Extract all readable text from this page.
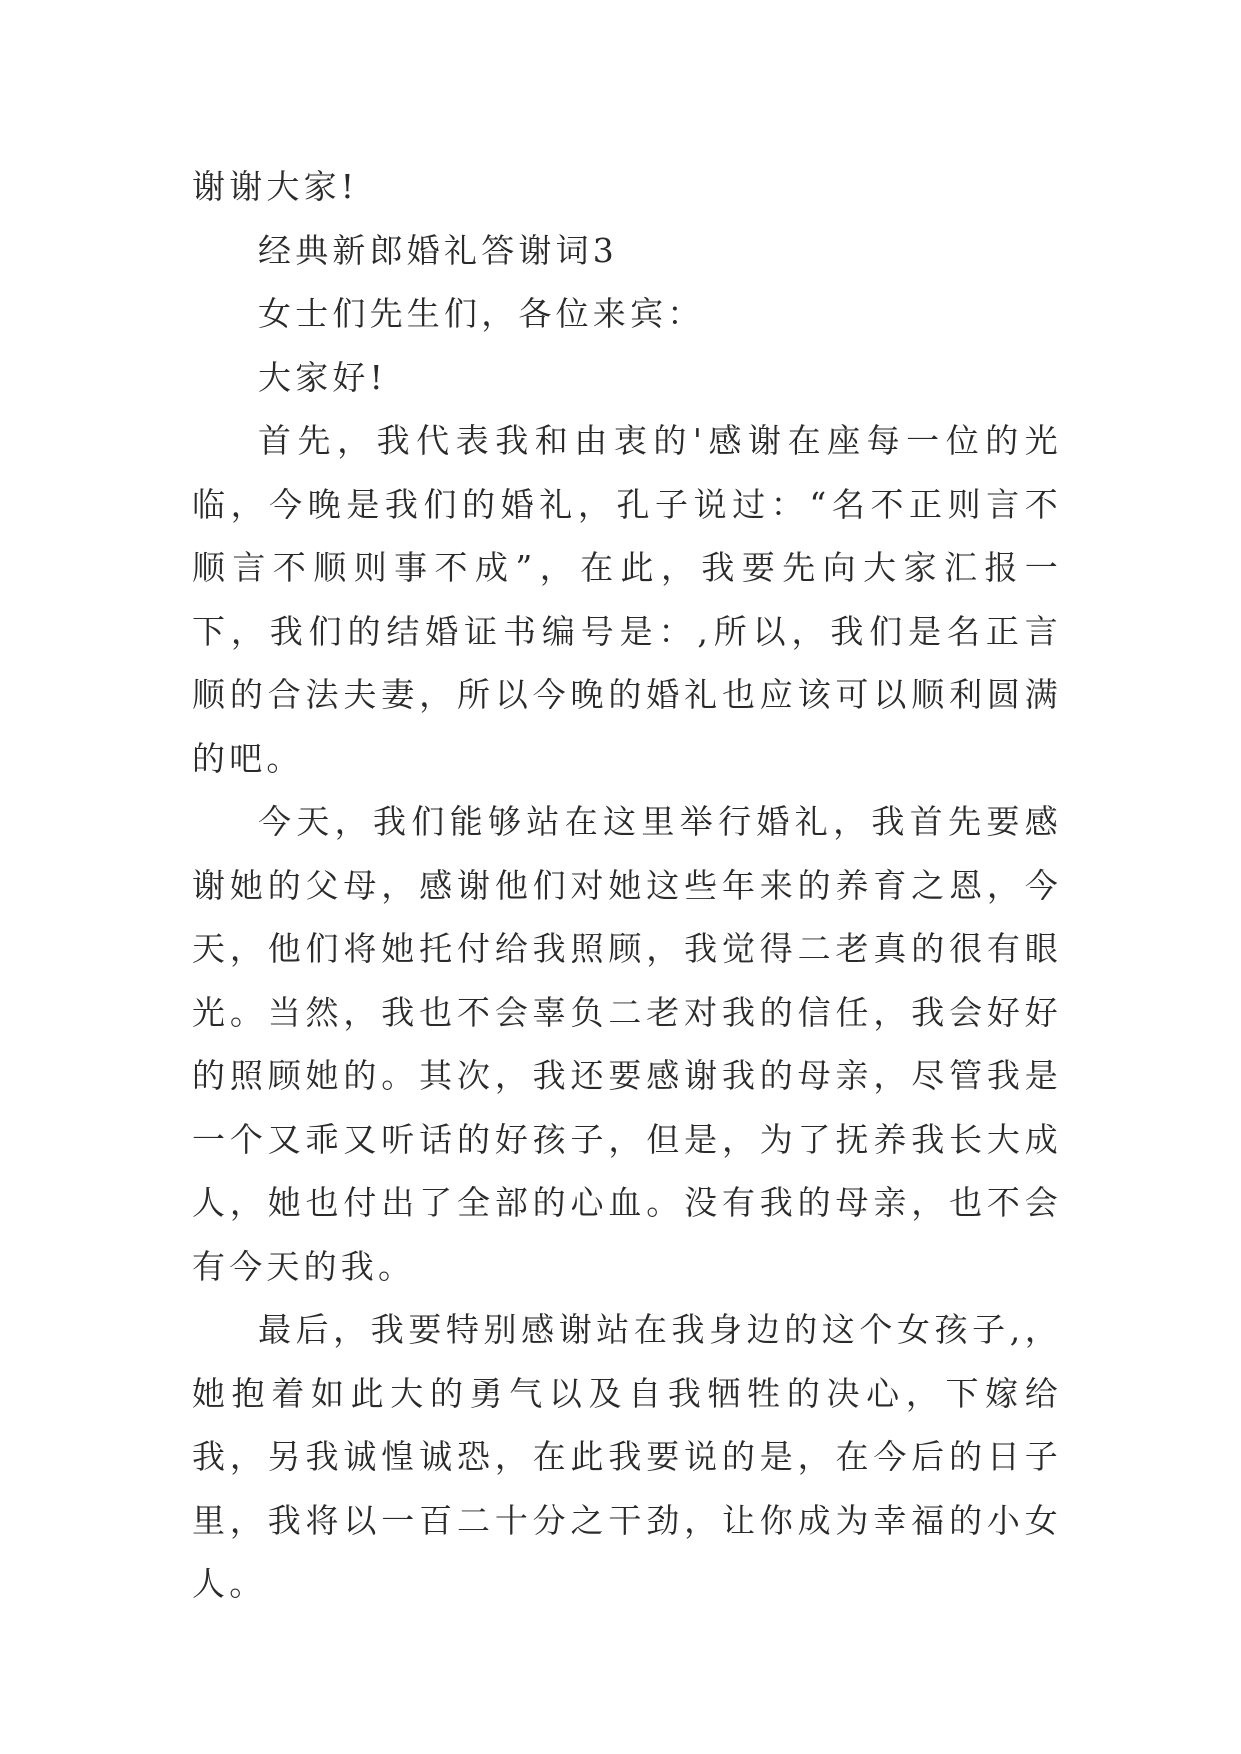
谢谢大家!

经典新郎婚礼答谢词3

女士们先生们，各位来宾：

大家好!

首先，我代表我和由衷的'感谢在座每一位的光临，今晚是我们的婚礼，孔子说过：“名不正则言不顺言不顺则事不成”，在此，我要先向大家汇报一下，我们的结婚证书编号是：,所以，我们是名正言顺的合法夫妻，所以今晚的婚礼也应该可以顺利圆满的吧。

今天，我们能够站在这里举行婚礼，我首先要感谢她的父母，感谢他们对她这些年来的养育之恩，今天，他们将她托付给我照顾，我觉得二老真的很有眼光。当然，我也不会辜负二老对我的信任，我会好好的照顾她的。其次，我还要感谢我的母亲，尽管我是一个又乖又听话的好孩子，但是，为了抚养我长大成人，她也付出了全部的心血。没有我的母亲，也不会有今天的我。

最后，我要特别感谢站在我身边的这个女孩子,，她抱着如此大的勇气以及自我牺牲的决心，下嫁给我，另我诚惶诚恐，在此我要说的是，在今后的日子里，我将以一百二十分之干劲，让你成为幸福的小女人。
